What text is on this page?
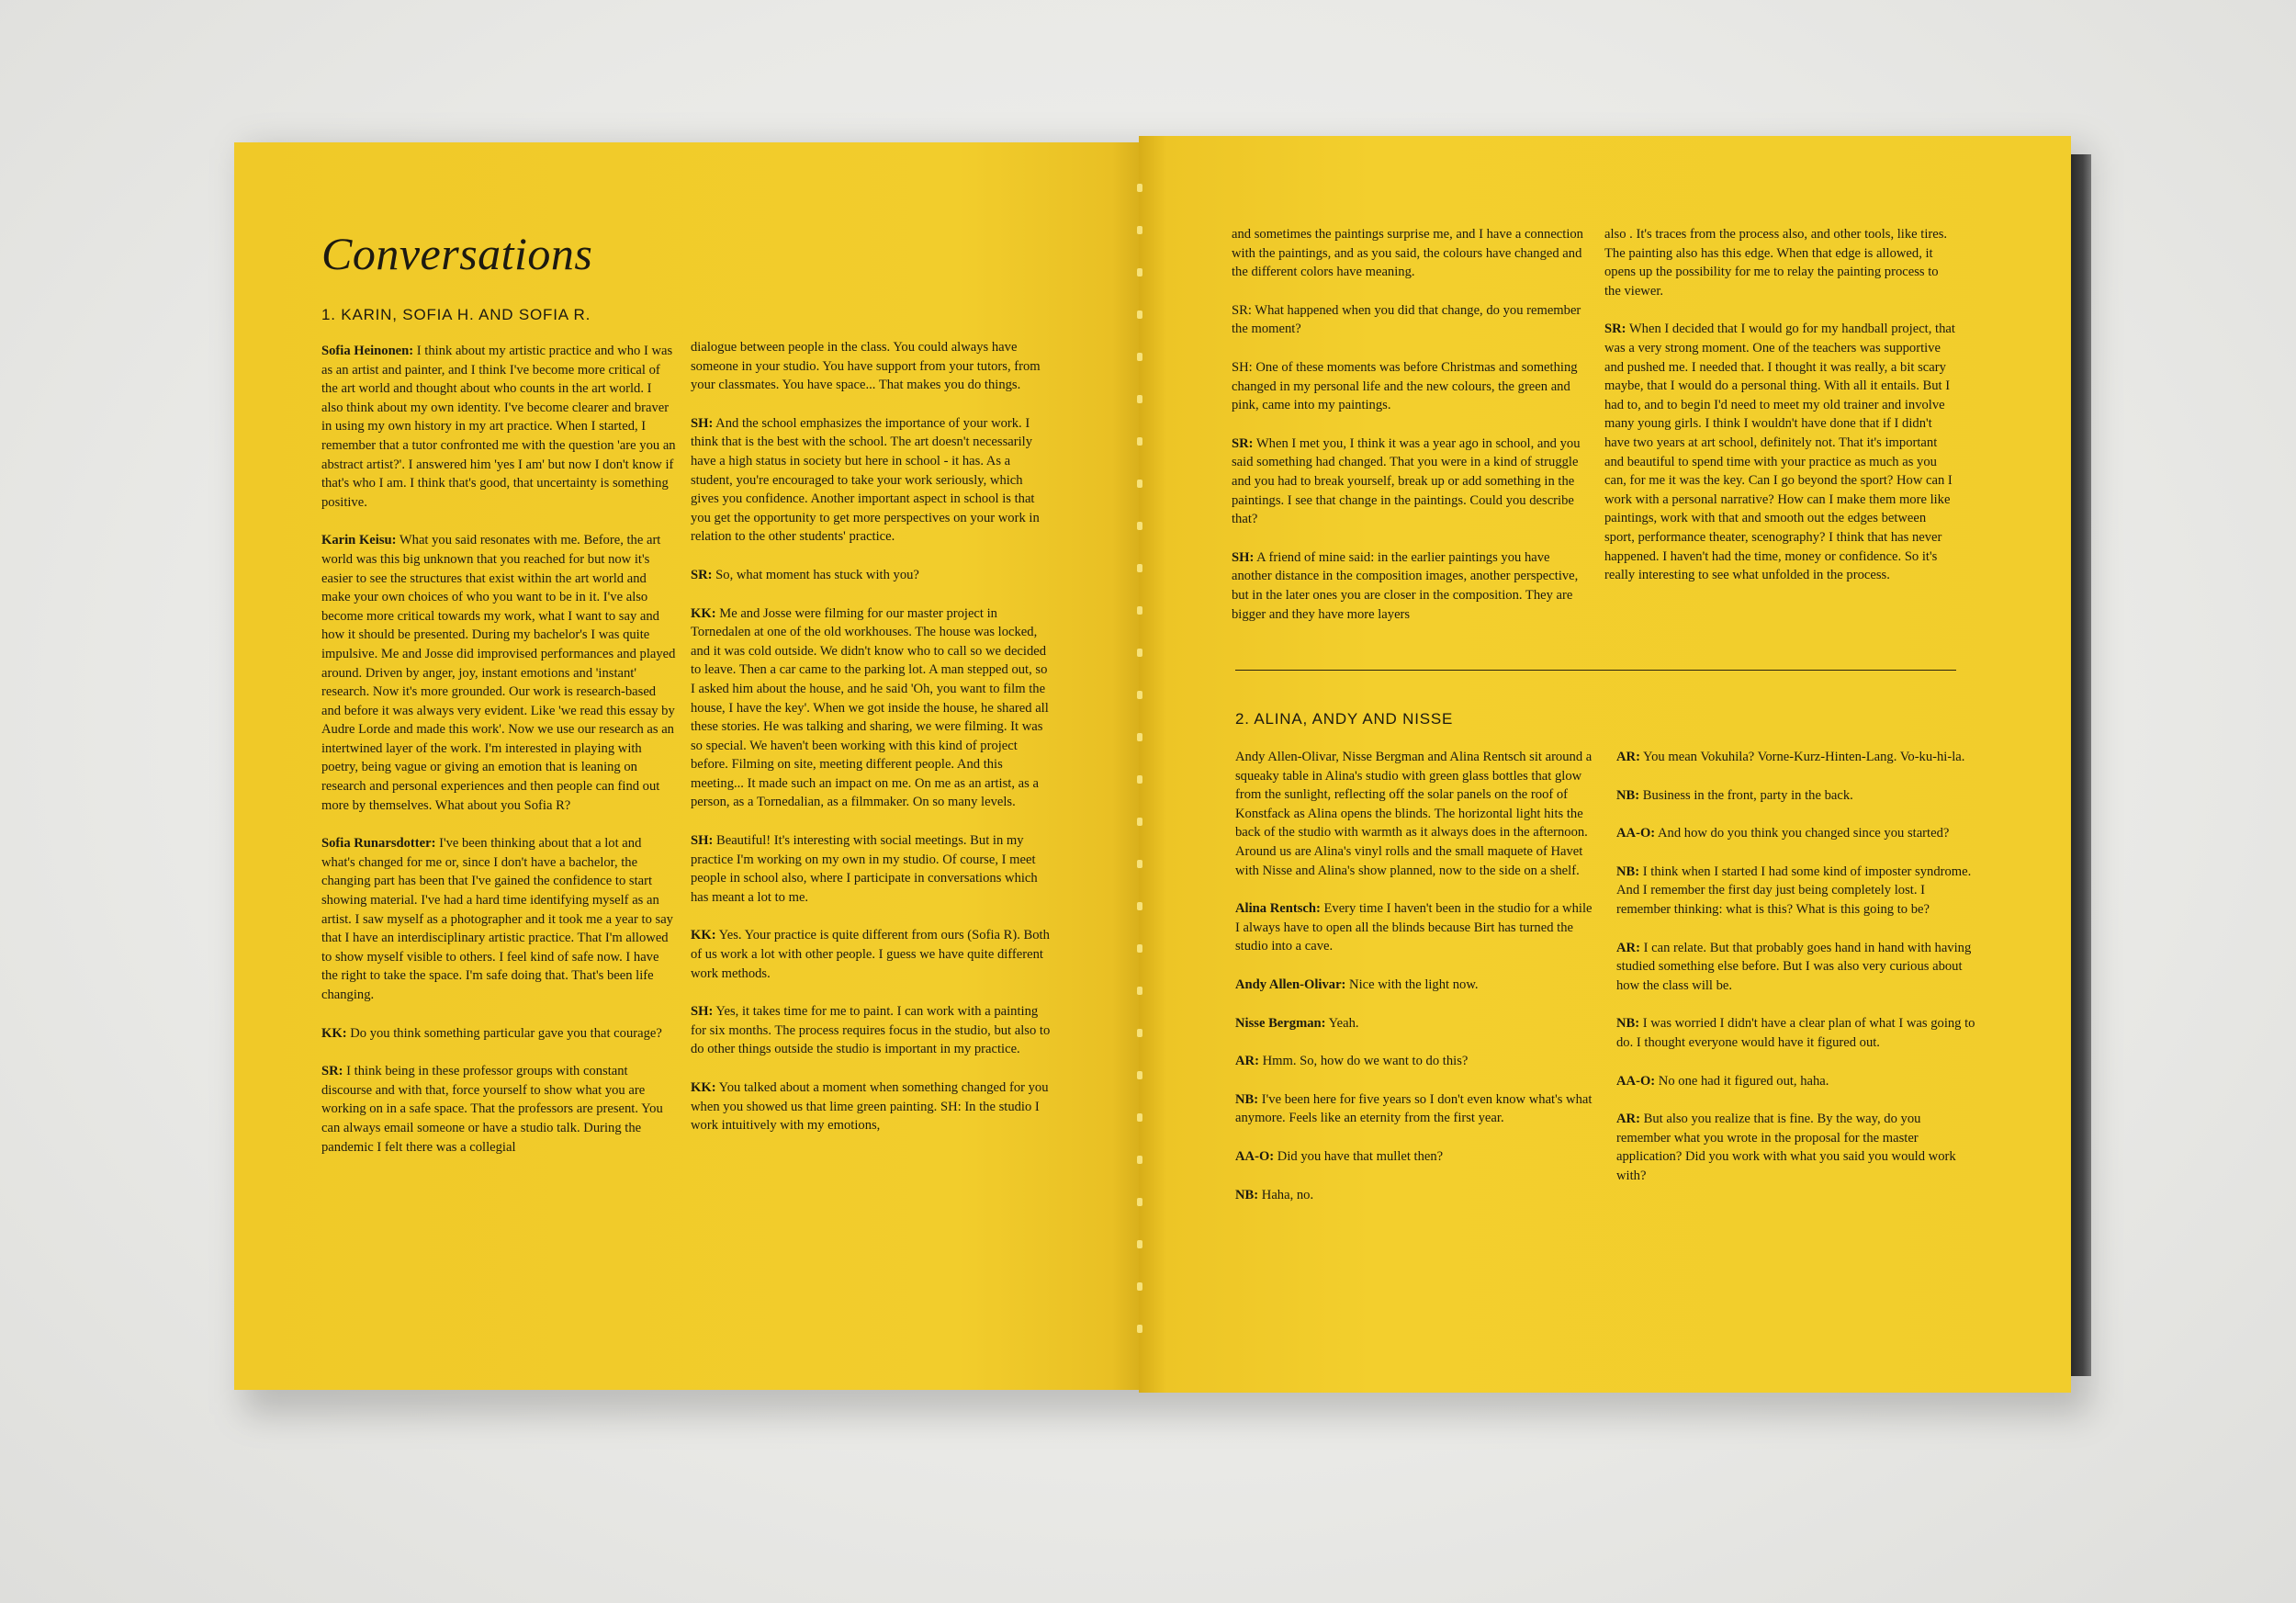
Conversations
1. KARIN, SOFIA H. AND SOFIA R.

Sofia Heinonen: I think about my artistic practice and who I was as an artist and painter, and I think I've become more critical of the art world and thought about who counts in the art world. I also think about my own identity. I've become clearer and braver in using my own history in my art practice. When I started, I remember that a tutor confronted me with the question 'are you an abstract artist?'. I answered him 'yes I am' but now I don't know if that's who I am. I think that's good, that uncertainty is something positive.

Karin Keisu: What you said resonates with me. Before, the art world was this big unknown that you reached for but now it's easier to see the structures that exist within the art world and make your own choices of who you want to be in it. I've also become more critical towards my work, what I want to say and how it should be presented. During my bachelor's I was quite impulsive. Me and Josse did improvised performances and played around. Driven by anger, joy, instant emotions and 'instant' research. Now it's more grounded. Our work is research-based and before it was always very evident. Like 'we read this essay by Audre Lorde and made this work'. Now we use our research as an intertwined layer of the work. I'm interested in playing with poetry, being vague or giving an emotion that is leaning on research and personal experiences and then people can find out more by themselves. What about you Sofia R?

Sofia Runarsdotter: I've been thinking about that a lot and what's changed for me or, since I don't have a bachelor, the changing part has been that I've gained the confidence to start showing material. I've had a hard time identifying myself as an artist. I saw myself as a photographer and it took me a year to say that I have an interdisciplinary artistic practice. That I'm allowed to show myself visible to others. I feel kind of safe now. I have the right to take the space. I'm safe doing that. That's been life changing.

KK: Do you think something particular gave you that courage?

SR: I think being in these professor groups with constant discourse and with that, force yourself to show what you are working on in a safe space. That the professors are present. You can always email someone or have a studio talk. During the pandemic I felt there was a collegial

dialogue between people in the class. You could always have someone in your studio. You have support from your tutors, from your classmates. You have space... That makes you do things.

SH: And the school emphasizes the importance of your work. I think that is the best with the school. The art doesn't necessarily have a high status in society but here in school - it has. As a student, you're encouraged to take your work seriously, which gives you confidence. Another important aspect in school is that you get the opportunity to get more perspectives on your work in relation to the other students' practice.

SR: So, what moment has stuck with you?

KK: Me and Josse were filming for our master project in Tornedalen at one of the old workhouses. The house was locked, and it was cold outside. We didn't know who to call so we decided to leave. Then a car came to the parking lot. A man stepped out, so I asked him about the house, and he said 'Oh, you want to film the house, I have the key'. When we got inside the house, he shared all these stories. He was talking and sharing, we were filming. It was so special. We haven't been working with this kind of project before. Filming on site, meeting different people. And this meeting... It made such an impact on me. On me as an artist, as a person, as a Tornedalian, as a filmmaker. On so many levels.

SH: Beautiful! It's interesting with social meetings. But in my practice I'm working on my own in my studio. Of course, I meet people in school also, where I participate in conversations which has meant a lot to me.

KK: Yes. Your practice is quite different from ours (Sofia R). Both of us work a lot with other people. I guess we have quite different work methods.

SH: Yes, it takes time for me to paint. I can work with a painting for six months. The process requires focus in the studio, but also to do other things outside the studio is important in my practice.

KK: You talked about a moment when something changed for you when you showed us that lime green painting. SH: In the studio I work intuitively with my emotions,

and sometimes the paintings surprise me, and I have a connection with the paintings, and as you said, the colours have changed and the different colors have meaning.

SR: What happened when you did that change, do you remember the moment?

SH: One of these moments was before Christmas and something changed in my personal life and the new colours, the green and pink, came into my paintings.

SR: When I met you, I think it was a year ago in school, and you said something had changed. That you were in a kind of struggle and you had to break yourself, break up or add something in the paintings. I see that change in the paintings. Could you describe that?

SH: A friend of mine said: in the earlier paintings you have another distance in the composition images, another perspective, but in the later ones you are closer in the composition. They are bigger and they have more layers

also . It's traces from the process also, and other tools, like tires. The painting also has this edge. When that edge is allowed, it opens up the possibility for me to relay the painting process to the viewer.

SR: When I decided that I would go for my handball project, that was a very strong moment. One of the teachers was supportive and pushed me. I needed that. I thought it was really, a bit scary maybe, that I would do a personal thing. With all it entails. But I had to, and to begin I'd need to meet my old trainer and involve many young girls. I think I wouldn't have done that if I didn't have two years at art school, definitely not. That it's important and beautiful to spend time with your practice as much as you can, for me it was the key. Can I go beyond the sport? How can I work with a personal narrative? How can I make them more like paintings, work with that and smooth out the edges between sport, performance theater, scenography? I think that has never happened. I haven't had the time, money or confidence. So it's really interesting to see what unfolded in the process.

2. ALINA, ANDY AND NISSE

Andy Allen-Olivar, Nisse Bergman and Alina Rentsch sit around a squeaky table in Alina's studio with green glass bottles that glow from the sunlight, reflecting off the solar panels on the roof of Konstfack as Alina opens the blinds. The horizontal light hits the back of the studio with warmth as it always does in the afternoon. Around us are Alina's vinyl rolls and the small maquete of Havet with Nisse and Alina's show planned, now to the side on a shelf.

Alina Rentsch: Every time I haven't been in the studio for a while I always have to open all the blinds because Birt has turned the studio into a cave.

Andy Allen-Olivar: Nice with the light now.

Nisse Bergman: Yeah.

AR: Hmm. So, how do we want to do this?

NB: I've been here for five years so I don't even know what's what anymore. Feels like an eternity from the first year.

AA-O: Did you have that mullet then?

NB: Haha, no.

AR: You mean Vokuhila? Vorne-Kurz-Hinten-Lang. Vo-ku-hi-la.

NB: Business in the front, party in the back.

AA-O: And how do you think you changed since you started?

NB: I think when I started I had some kind of imposter syndrome. And I remember the first day just being completely lost. I remember thinking: what is this? What is this going to be?

AR: I can relate. But that probably goes hand in hand with having studied something else before. But I was also very curious about how the class will be.

NB: I was worried I didn't have a clear plan of what I was going to do. I thought everyone would have it figured out.

AA-O: No one had it figured out, haha.

AR: But also you realize that is fine. By the way, do you remember what you wrote in the proposal for the master application? Did you work with what you said you would work with?
